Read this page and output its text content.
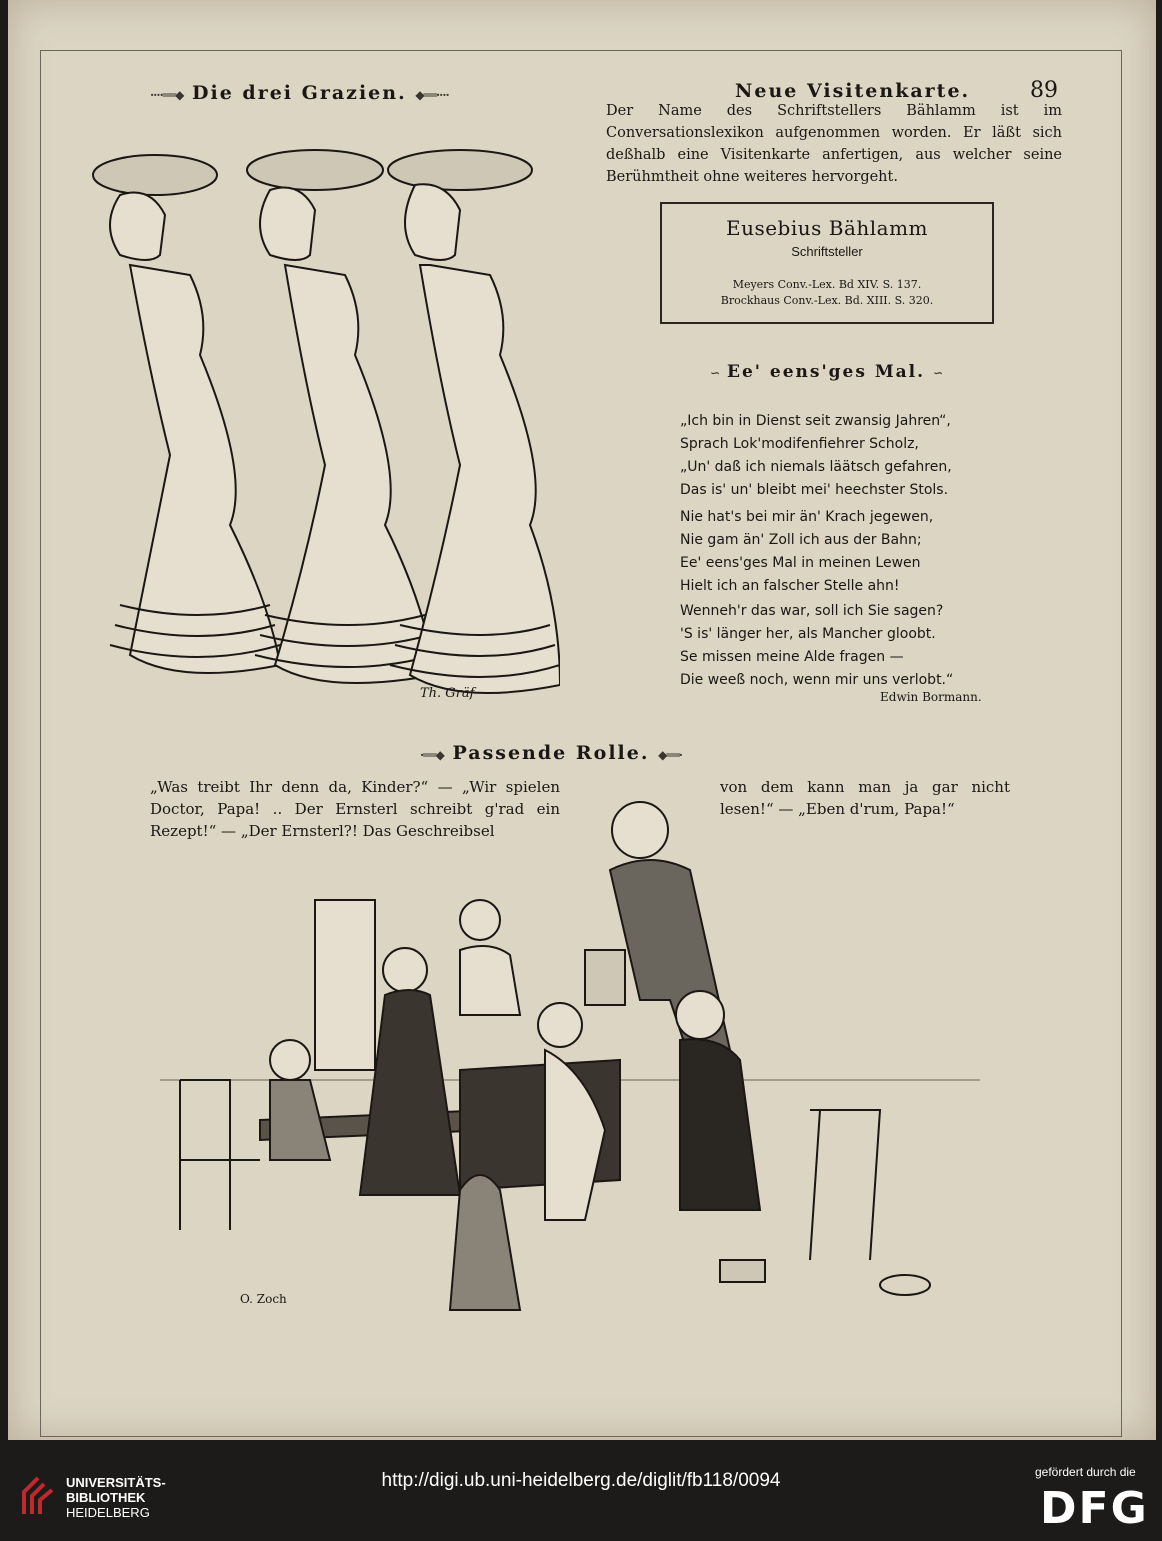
····══◆ Die drei Grazien. ◆══····	Neue Visitenkarte.	89
Th. Gräf
Der Name des Schriftstellers Bählamm ist im Conversationslexikon aufgenommen worden. Er läßt sich deßhalb eine Visitenkarte anfertigen, aus welcher seine Berühmtheit ohne weiteres hervorgeht.
Eusebius Bählamm
Schriftsteller
Meyers Conv.-Lex. Bd XIV. S. 137.
Brockhaus Conv.-Lex. Bd. XIII. S. 320.
∽ Ee' eens'ges Mal. ∽
„Ich bin in Dienst seit zwansig Jahren“,
Sprach Lok'modifenfiehrer Scholz,
„Un' daß ich niemals läätsch gefahren,
Das is' un' bleibt mei' heechster Stols.
Nie hat's bei mir än' Krach jegewen,
Nie gam än' Zoll ich aus der Bahn;
Ee' eens'ges Mal in meinen Lewen
Hielt ich an falscher Stelle ahn!
Wenneh'r das war, soll ich Sie sagen?
'S is' länger her, als Mancher gloobt.
Se missen meine Alde fragen —
Die weeß noch, wenn mir uns verlobt.“
Edwin Bormann.
·══◆ Passende Rolle. ◆══·
„Was treibt Ihr denn da, Kinder?“ — „Wir spielen Doctor, Papa! .. Der Ernsterl schreibt g'rad ein Rezept!“ — „Der Ernsterl?! Das Geschreibsel
von dem kann man ja gar nicht lesen!“ — „Eben d'rum, Papa!“
O. Zoch
UNIVERSITÄTS-
BIBLIOTHEK
HEIDELBERG
http://digi.ub.uni-heidelberg.de/diglit/fb118/0094	gefördert durch die
DFG
